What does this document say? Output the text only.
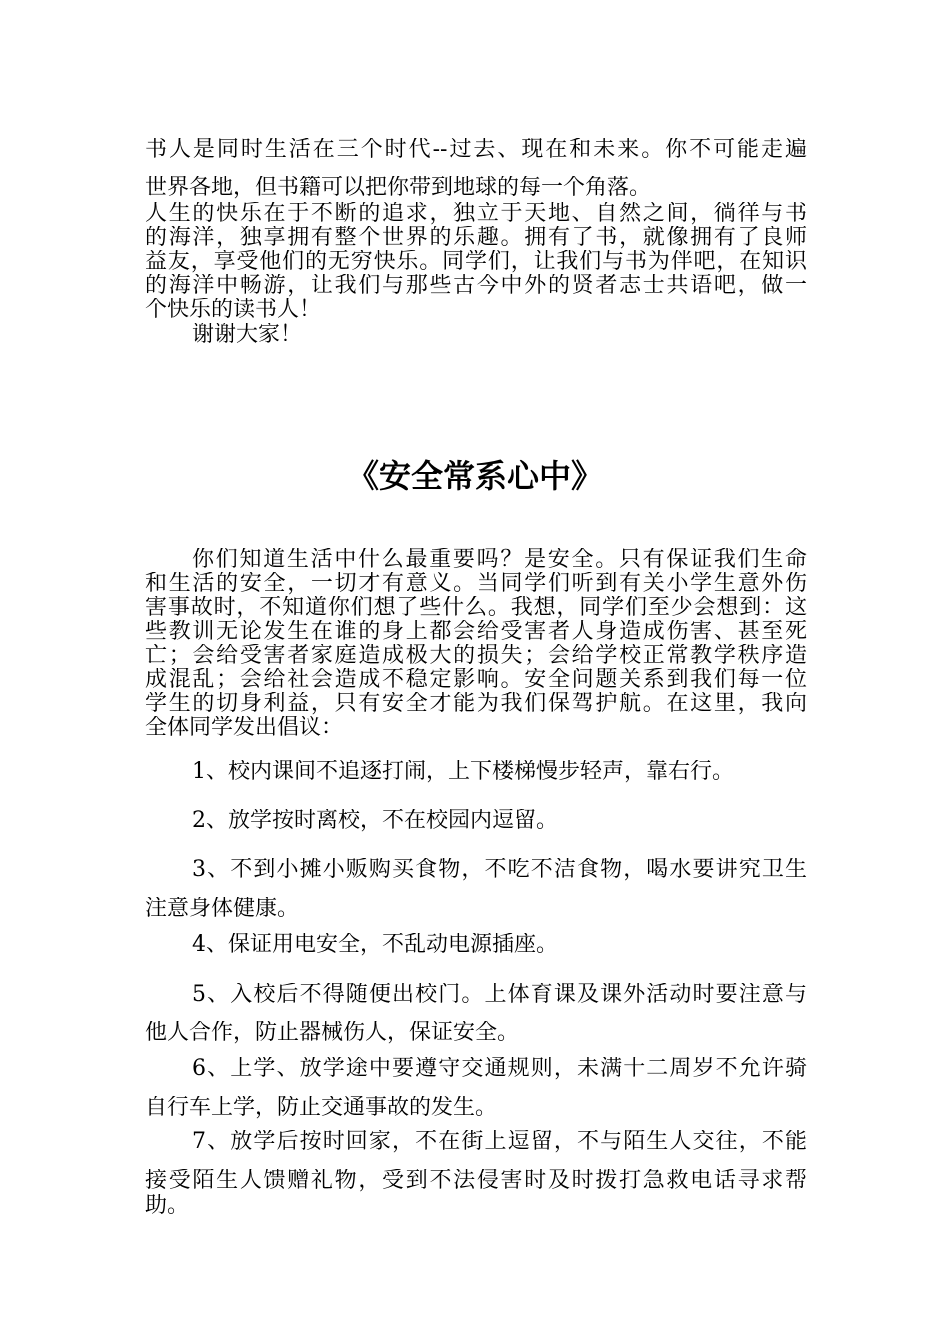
书人是同时生活在三个时代--过去、现在和未来。你不可能走遍
世界各地，但书籍可以把你带到地球的每一个角落。
人生的快乐在于不断的追求，独立于天地、自然之间，徜徉与书
的海洋，独享拥有整个世界的乐趣。拥有了书，就像拥有了良师
益友，享受他们的无穷快乐。同学们，让我们与书为伴吧，在知识
的海洋中畅游，让我们与那些古今中外的贤者志士共语吧，做一
个快乐的读书人！
谢谢大家！
《安全常系心中》
你们知道生活中什么最重要吗？是安全。只有保证我们生命
和生活的安全，一切才有意义。当同学们听到有关小学生意外伤
害事故时，不知道你们想了些什么。我想，同学们至少会想到：这
些教训无论发生在谁的身上都会给受害者人身造成伤害、甚至死
亡；会给受害者家庭造成极大的损失；会给学校正常教学秩序造
成混乱；会给社会造成不稳定影响。安全问题关系到我们每一位
学生的切身利益，只有安全才能为我们保驾护航。在这里，我向
全体同学发出倡议：
1、校内课间不追逐打闹，上下楼梯慢步轻声，靠右行。
2、放学按时离校，不在校园内逗留。
3、不到小摊小贩购买食物，不吃不洁食物，喝水要讲究卫生
注意身体健康。
4、保证用电安全，不乱动电源插座。
5、入校后不得随便出校门。上体育课及课外活动时要注意与
他人合作，防止器械伤人，保证安全。
6、上学、放学途中要遵守交通规则，未满十二周岁不允许骑
自行车上学，防止交通事故的发生。
7、放学后按时回家，不在街上逗留，不与陌生人交往，不能
接受陌生人馈赠礼物，受到不法侵害时及时拨打急救电话寻求帮
助。
